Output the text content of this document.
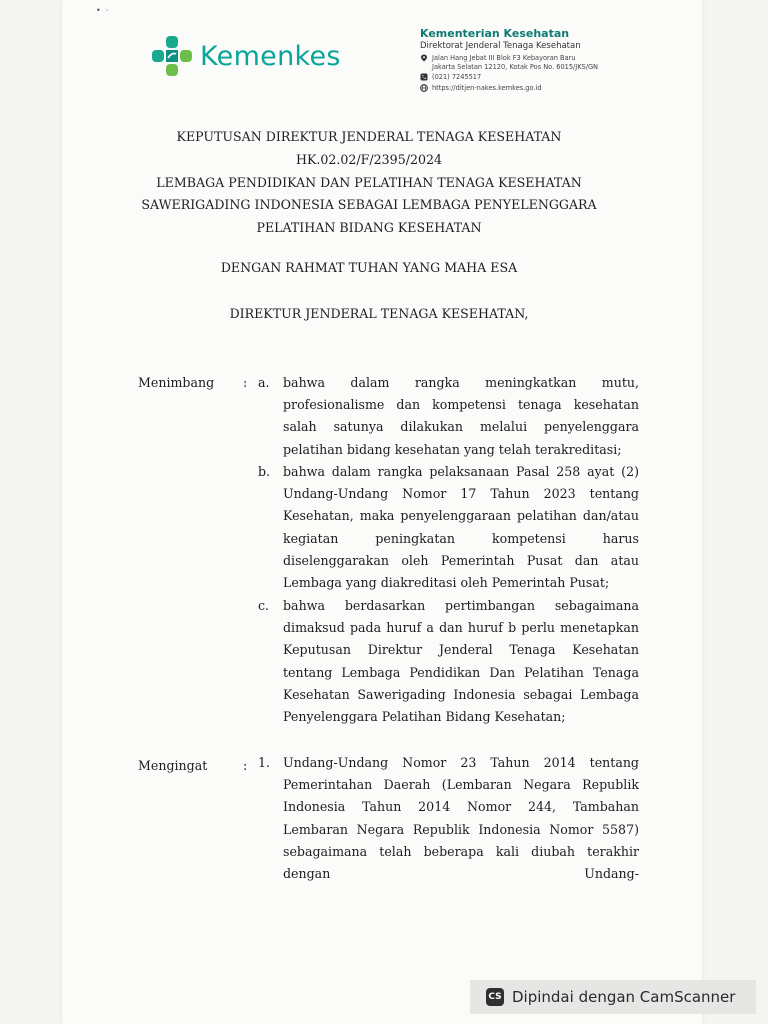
•  ·
Kemenkes
Kementerian Kesehatan
Direktorat Jenderal Tenaga Kesehatan
Jalan Hang Jebat III Blok F3 Kebayoran Baru
Jakarta Selatan 12120, Kotak Pos No. 6015/JKS/GN
(021) 7245517
https://ditjen-nakes.kemkes.go.id
KEPUTUSAN DIREKTUR JENDERAL TENAGA KESEHATAN
HK.02.02/F/2395/2024
LEMBAGA PENDIDIKAN DAN PELATIHAN TENAGA KESEHATAN
SAWERIGADING INDONESIA SEBAGAI LEMBAGA PENYELENGGARA
PELATIHAN BIDANG KESEHATAN
DENGAN RAHMAT TUHAN YANG MAHA ESA
DIREKTUR JENDERAL TENAGA KESEHATAN,
Menimbang : a. bahwa dalam rangka meningkatkan mutu, profesionalisme dan kompetensi tenaga kesehatan salah satunya dilakukan melalui penyelenggara pelatihan bidang kesehatan yang telah terakreditasi;
b. bahwa dalam rangka pelaksanaan Pasal 258 ayat (2) Undang-Undang Nomor 17 Tahun 2023 tentang Kesehatan, maka penyelenggaraan pelatihan dan/atau kegiatan peningkatan kompetensi harus diselenggarakan oleh Pemerintah Pusat dan atau Lembaga yang diakreditasi oleh Pemerintah Pusat;
c. bahwa berdasarkan pertimbangan sebagaimana dimaksud pada huruf a dan huruf b perlu menetapkan Keputusan Direktur Jenderal Tenaga Kesehatan tentang Lembaga Pendidikan Dan Pelatihan Tenaga Kesehatan Sawerigading Indonesia sebagai Lembaga Penyelenggara Pelatihan Bidang Kesehatan;
Mengingat	: 1. Undang-Undang Nomor 23 Tahun 2014 tentang Pemerintahan Daerah (Lembaran Negara Republik Indonesia Tahun 2014 Nomor 244, Tambahan Lembaran Negara Republik Indonesia Nomor 5587) sebagaimana telah beberapa kali diubah terakhir dengan Undang-
CS Dipindai dengan CamScanner
